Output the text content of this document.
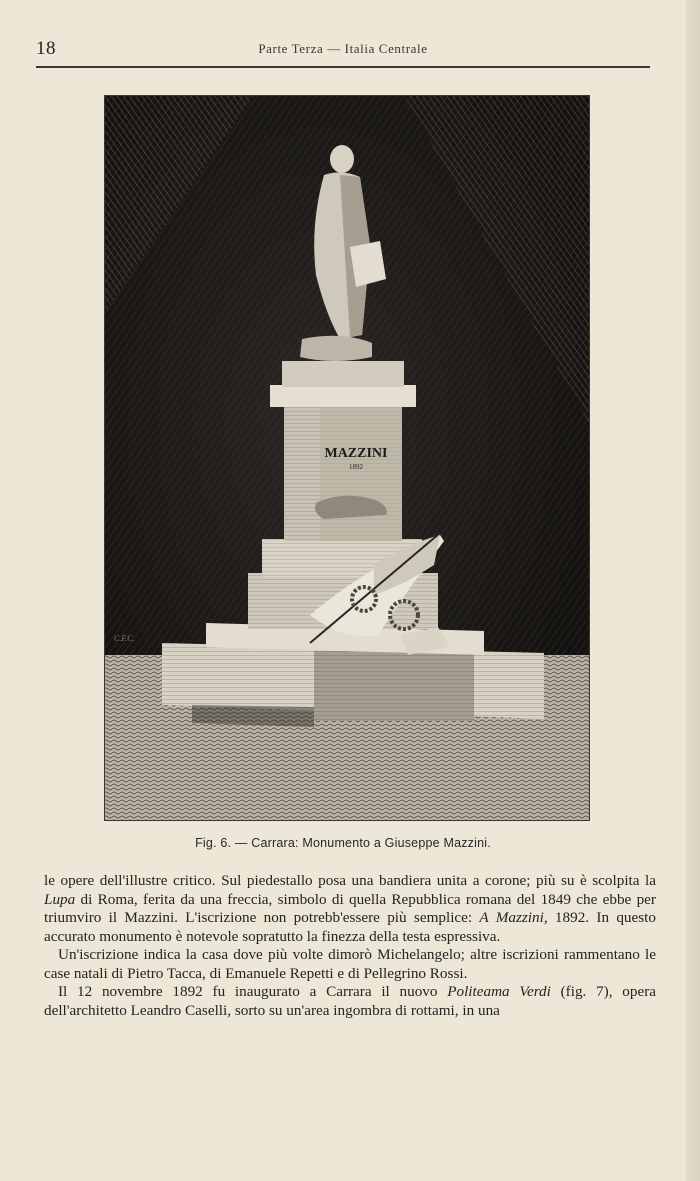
18	Parte Terza — Italia Centrale
MAZZINI
1892
C.F.C.
Fig. 6. — Carrara: Monumento a Giuseppe Mazzini.

le opere dell'illustre critico. Sul piedestallo posa una bandiera unita a corone; più su è scolpita la Lupa di Roma, ferita da una freccia, simbolo di quella Repubblica romana del 1849 che ebbe per triumviro il Mazzini. L'iscrizione non potrebb'essere più semplice: A Mazzini, 1892. In questo accurato monumento è notevole sopratutto la finezza della testa espressiva.

Un'iscrizione indica la casa dove più volte dimorò Michelangelo; altre iscrizioni rammentano le case natali di Pietro Tacca, di Emanuele Repetti e di Pellegrino Rossi.

Il 12 novembre 1892 fu inaugurato a Carrara il nuovo Politeama Verdi (fig. 7), opera dell'architetto Leandro Caselli, sorto su un'area ingombra di rottami, in una
